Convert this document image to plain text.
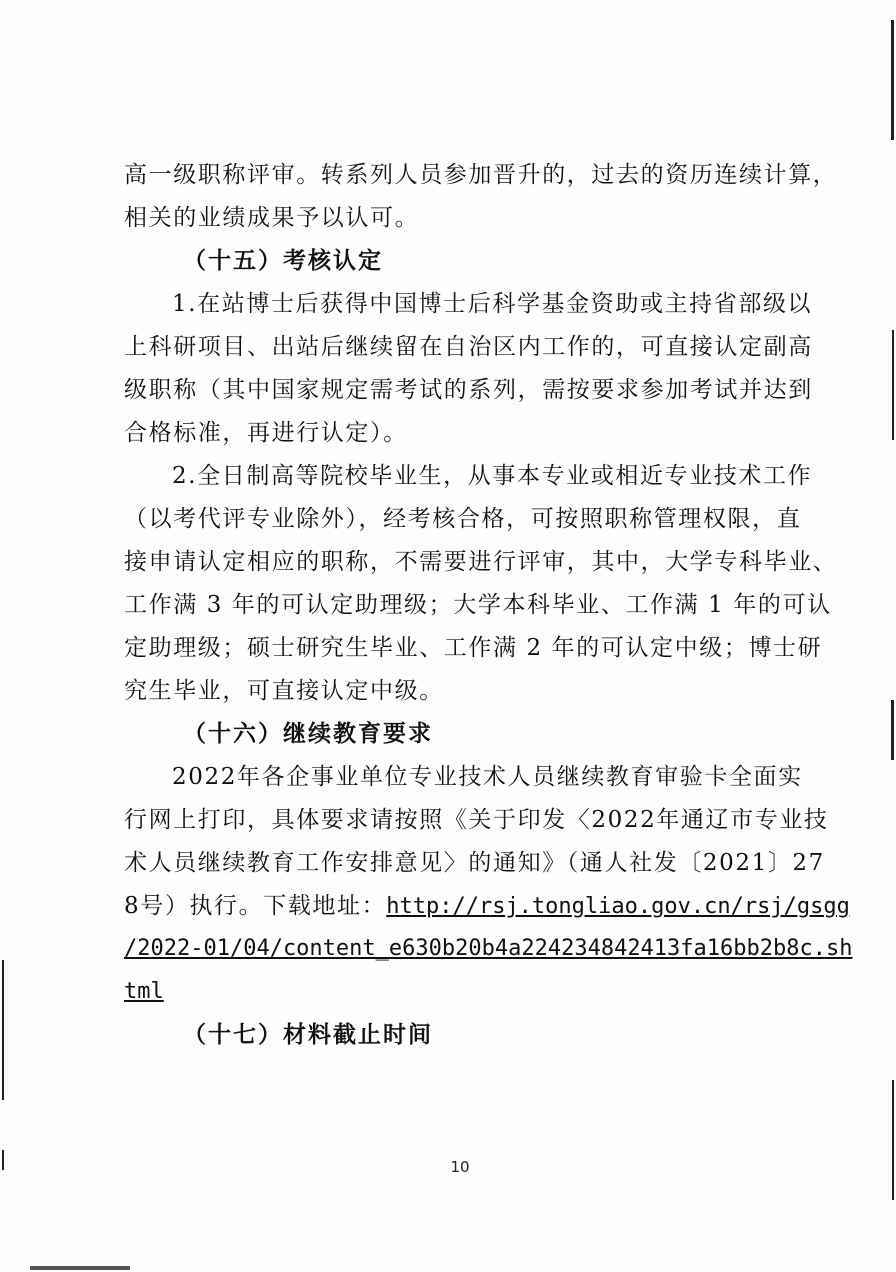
高一级职称评审。转系列人员参加晋升的，过去的资历连续计算，
相关的业绩成果予以认可。
（十五）考核认定
1.在站博士后获得中国博士后科学基金资助或主持省部级以
上科研项目、出站后继续留在自治区内工作的，可直接认定副高
级职称（其中国家规定需考试的系列，需按要求参加考试并达到
合格标准，再进行认定）。
2.全日制高等院校毕业生，从事本专业或相近专业技术工作
（以考代评专业除外），经考核合格，可按照职称管理权限，直
接申请认定相应的职称，不需要进行评审，其中，大学专科毕业、
工作满 3 年的可认定助理级；大学本科毕业、工作满 1 年的可认
定助理级；硕士研究生毕业、工作满 2 年的可认定中级；博士研
究生毕业，可直接认定中级。
（十六）继续教育要求
2022年各企事业单位专业技术人员继续教育审验卡全面实
行网上打印，具体要求请按照《关于印发〈2022年通辽市专业技
术人员继续教育工作安排意见〉的通知》（通人社发〔2021〕27
8号）执行。下载地址：http://rsj.tongliao.gov.cn/rsj/gsgg
/2022-01/04/content_e630b20b4a224234842413fa16bb2b8c.sh
tml
（十七）材料截止时间
10
